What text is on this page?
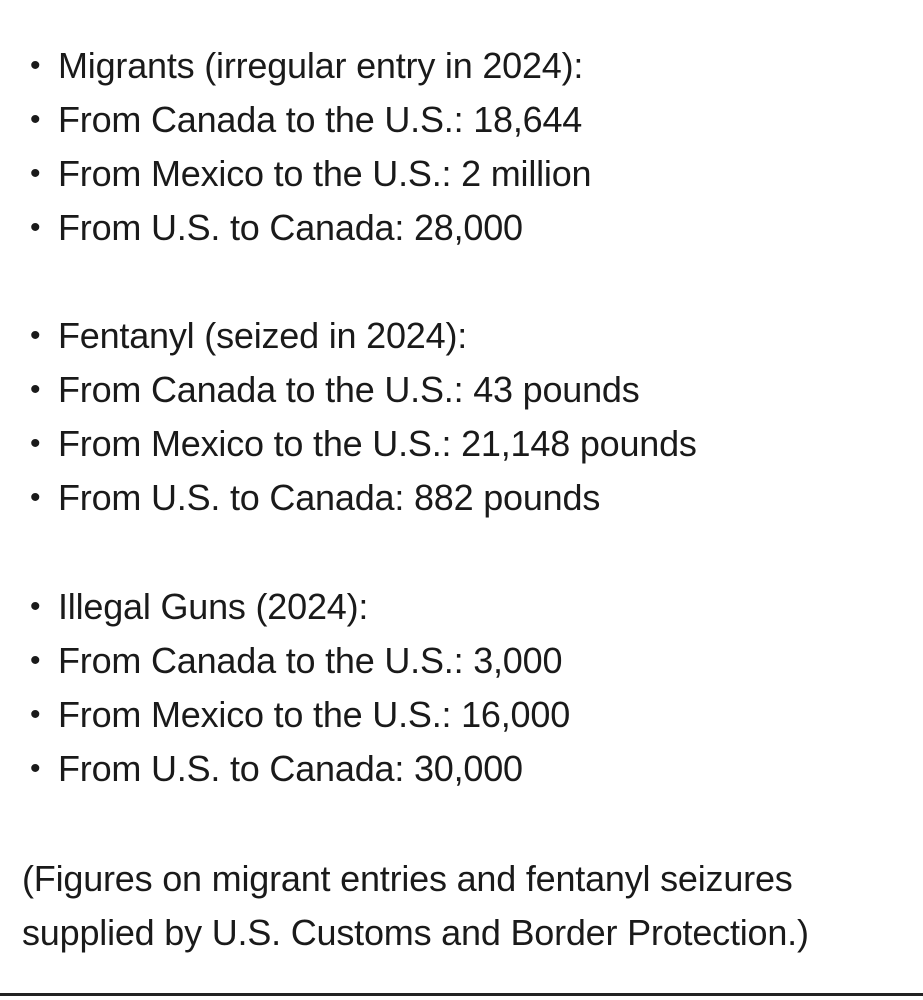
• Migrants (irregular entry in 2024):
• From Canada to the U.S.: 18,644
• From Mexico to the U.S.: 2 million
• From U.S. to Canada: 28,000
• Fentanyl (seized in 2024):
• From Canada to the U.S.: 43 pounds
• From Mexico to the U.S.: 21,148 pounds
• From U.S. to Canada: 882 pounds
• Illegal Guns (2024):
• From Canada to the U.S.: 3,000
• From Mexico to the U.S.: 16,000
• From U.S. to Canada: 30,000

(Figures on migrant entries and fentanyl seizures supplied by U.S. Customs and Border Protection.)
